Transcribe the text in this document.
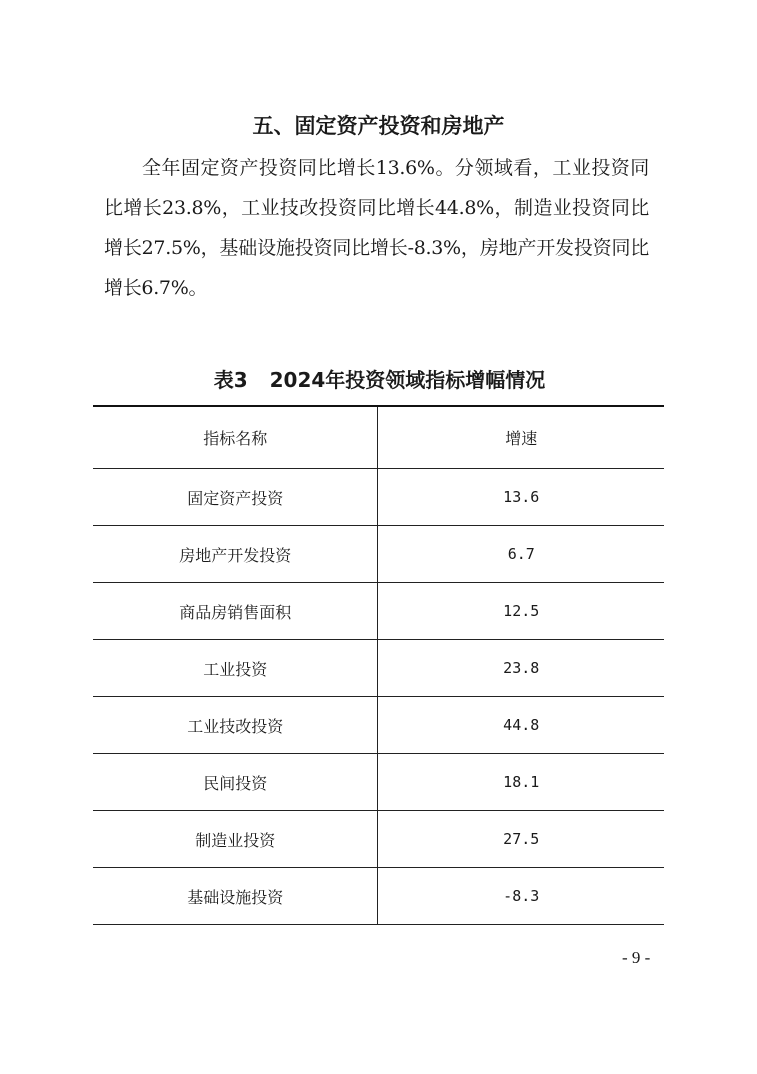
五、固定资产投资和房地产

全年固定资产投资同比增长13.6%。分领域看，工业投资同比增长23.8%，工业技改投资同比增长44.8%，制造业投资同比增长27.5%，基础设施投资同比增长-8.3%，房地产开发投资同比增长6.7%。

表3 2024年投资领域指标增幅情况
指标名称	增速
固定资产投资	13.6
房地产开发投资	6.7
商品房销售面积	12.5
工业投资	23.8
工业技改投资	44.8
民间投资	18.1
制造业投资	27.5
基础设施投资	-8.3
- 9 -
